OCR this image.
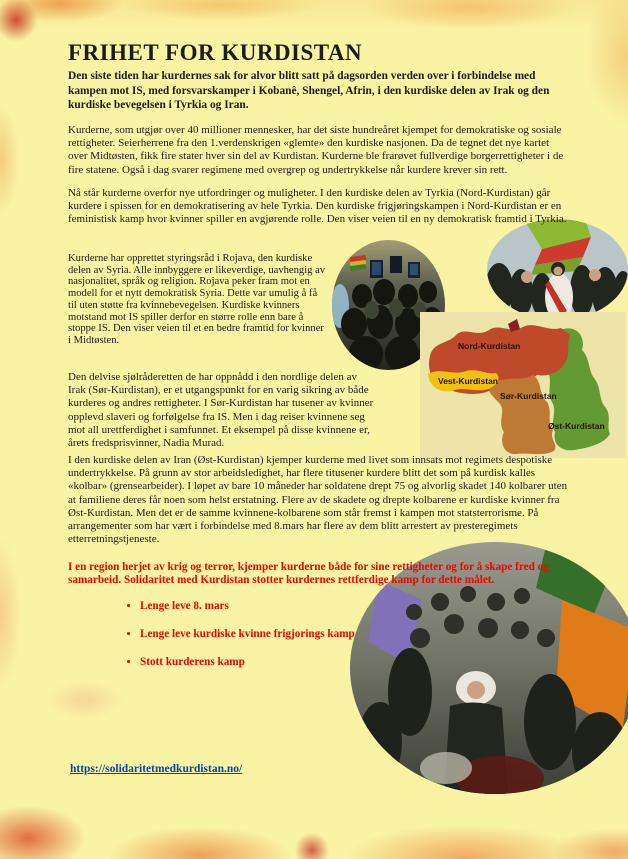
Nord-Kurdistan
Vest-Kurdistan
Sør-Kurdistan
Øst-Kurdistan
FRIHET FOR KURDISTAN

Den siste tiden har kurdernes sak for alvor blitt satt på dagsorden verden over i forbindelse med kampen mot IS, med forsvarskamper i Kobanê, Shengel, Afrin, i den kurdiske delen av Irak og den kurdiske bevegelsen i Tyrkia og Iran.

Kurderne, som utgjør over 40 millioner mennesker, har det siste hundreåret kjempet for demokratiske og sosiale rettigheter. Seierherrene fra den 1.verdenskrigen «glemte» den kurdiske nasjonen. Da de tegnet det nye kartet over Midtøsten, fikk fire stater hver sin del av Kurdistan. Kurderne ble frarøvet fullverdige borgerrettigheter i de fire statene. Også i dag svarer regimene med overgrep og undertrykkelse når kurdere krever sin rett.

Nå står kurderne overfor nye utfordringer og muligheter. I den kurdiske delen av Tyrkia (Nord-Kurdistan) går kurdere i spissen for en demokratisering av hele Tyrkia. Den kurdiske frigjøringskampen i Nord-Kurdistan er en feministisk kamp hvor kvinner spiller en avgjørende rolle. Den viser veien til en ny demokratisk framtid i Tyrkia.

Kurderne har opprettet styringsråd i Rojava, den kurdiske delen av Syria. Alle innbyggere er likeverdige, uavhengig av nasjonalitet, språk og religion. Rojava peker fram mot en modell for et nytt demokratisk Syria. Dette var umulig å få til uten støtte fra kvinnebevegelsen. Kurdiske kvinners motstand mot IS spiller derfor en større rolle enn bare å stoppe IS. Den viser veien til et en bedre framtid for kvinner i Midtøsten.

Den delvise sjølråderetten de har oppnådd i den nordlige delen av Irak (Sør-Kurdistan), er et utgangspunkt for en varig sikring av både kurderes og andres rettigheter. I Sør-Kurdistan har tusener av kvinner opplevd slaveri og forfølgelse fra IS. Men i dag reiser kvinnene seg mot all urettferdighet i samfunnet. Et eksempel på disse kvinnene er, årets fredsprisvinner, Nadia Murad.

I den kurdiske delen av Iran (Øst-Kurdistan) kjemper kurderne med livet som innsats mot regimets despotiske undertrykkelse. På grunn av stor arbeidsledighet, har flere titusener kurdere blitt det som på kurdisk kalles «kolbar» (grensearbeider). I løpet av bare 10 måneder har soldatene drept 75 og alvorlig skadet 140 kolbarer uten at familiene deres får noen som helst erstatning. Flere av de skadete og drepte kolbarene er kurdiske kvinner fra Øst-Kurdistan. Men det er de samme kvinnene-kolbarene som står fremst i kampen mot statsterrorisme. På arrangementer som har vært i forbindelse med 8.mars har flere av dem blitt arrestert av presteregimets etterretningstjeneste.

I en region herjet av krig og terror, kjemper kurderne både for sine rettigheter og for å skape fred og samarbeid. Solidaritet med Kurdistan stotter kurdernes rettferdige kamp for dette målet.

• Lenge leve 8. mars
• Lenge leve kurdiske kvinne frigjorings kamp
• Stott kurderens kamp
https://solidaritetmedkurdistan.no/
